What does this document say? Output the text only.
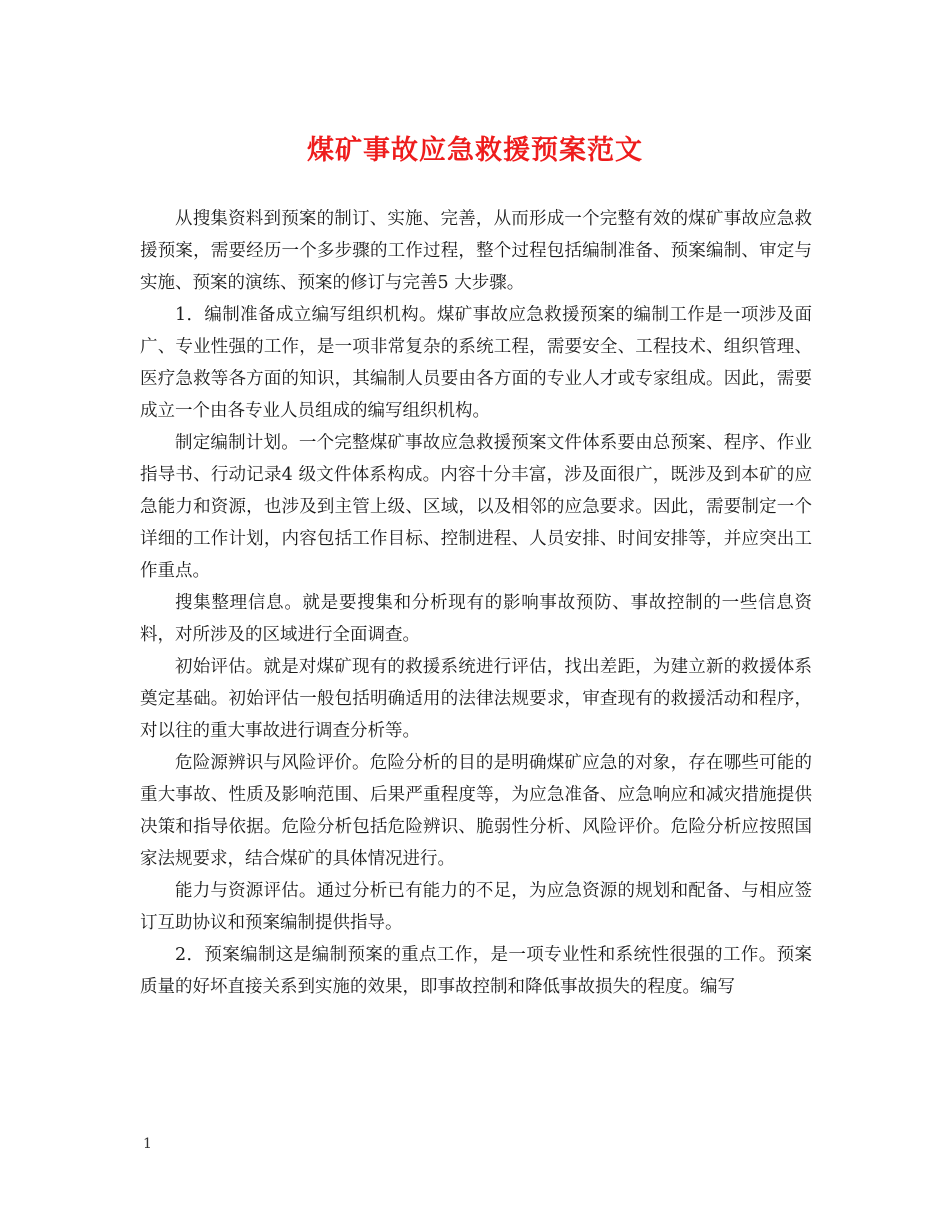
煤矿事故应急救援预案范文

从搜集资料到预案的制订、实施、完善，从而形成一个完整有效的煤矿事故应急救援预案，需要经历一个多步骤的工作过程，整个过程包括编制准备、预案编制、审定与实施、预案的演练、预案的修订与完善5 大步骤。

1．编制准备成立编写组织机构。煤矿事故应急救援预案的编制工作是一项涉及面广、专业性强的工作，是一项非常复杂的系统工程，需要安全、工程技术、组织管理、医疗急救等各方面的知识，其编制人员要由各方面的专业人才或专家组成。因此，需要成立一个由各专业人员组成的编写组织机构。

制定编制计划。一个完整煤矿事故应急救援预案文件体系要由总预案、程序、作业指导书、行动记录4 级文件体系构成。内容十分丰富，涉及面很广，既涉及到本矿的应急能力和资源，也涉及到主管上级、区域，以及相邻的应急要求。因此，需要制定一个详细的工作计划，内容包括工作目标、控制进程、人员安排、时间安排等，并应突出工作重点。

搜集整理信息。就是要搜集和分析现有的影响事故预防、事故控制的一些信息资料，对所涉及的区域进行全面调查。

初始评估。就是对煤矿现有的救援系统进行评估，找出差距，为建立新的救援体系奠定基础。初始评估一般包括明确适用的法律法规要求，审查现有的救援活动和程序，对以往的重大事故进行调查分析等。

危险源辨识与风险评价。危险分析的目的是明确煤矿应急的对象，存在哪些可能的重大事故、性质及影响范围、后果严重程度等，为应急准备、应急响应和减灾措施提供决策和指导依据。危险分析包括危险辨识、脆弱性分析、风险评价。危险分析应按照国家法规要求，结合煤矿的具体情况进行。

能力与资源评估。通过分析已有能力的不足，为应急资源的规划和配备、与相应签订互助协议和预案编制提供指导。

2．预案编制这是编制预案的重点工作，是一项专业性和系统性很强的工作。预案质量的好坏直接关系到实施的效果，即事故控制和降低事故损失的程度。编写

1
